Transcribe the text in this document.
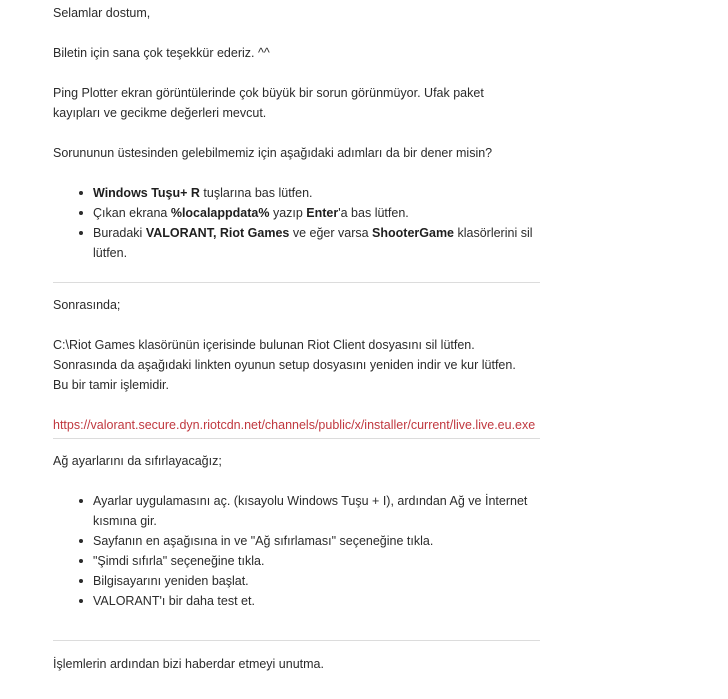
Selamlar dostum,

Biletin için sana çok teşekkür ederiz. ^^

Ping Plotter ekran görüntülerinde çok büyük bir sorun görünmüyor. Ufak paket
kayıpları ve gecikme değerleri mevcut.

Sorununun üstesinden gelebilmemiz için aşağıdaki adımları da bir dener misin?

Windows Tuşu+ R tuşlarına bas lütfen.
Çıkan ekrana %localappdata% yazıp Enter'a bas lütfen.
Buradaki VALORANT, Riot Games ve eğer varsa ShooterGame klasörlerini sil
lütfen.

Sonrasında;

C:\Riot Games klasörünün içerisinde bulunan Riot Client dosyasını sil lütfen.
Sonrasında da aşağıdaki linkten oyunun setup dosyasını yeniden indir ve kur lütfen.
Bu bir tamir işlemidir.

https://valorant.secure.dyn.riotcdn.net/channels/public/x/installer/current/live.live.eu.exe

Ağ ayarlarını da sıfırlayacağız;

Ayarlar uygulamasını aç. (kısayolu Windows Tuşu + I), ardından Ağ ve İnternet
kısmına gir.
Sayfanın en aşağısına in ve "Ağ sıfırlaması" seçeneğine tıkla.
"Şimdi sıfırla" seçeneğine tıkla.
Bilgisayarını yeniden başlat.
VALORANT'ı bir daha test et.

İşlemlerin ardından bizi haberdar etmeyi unutma.
